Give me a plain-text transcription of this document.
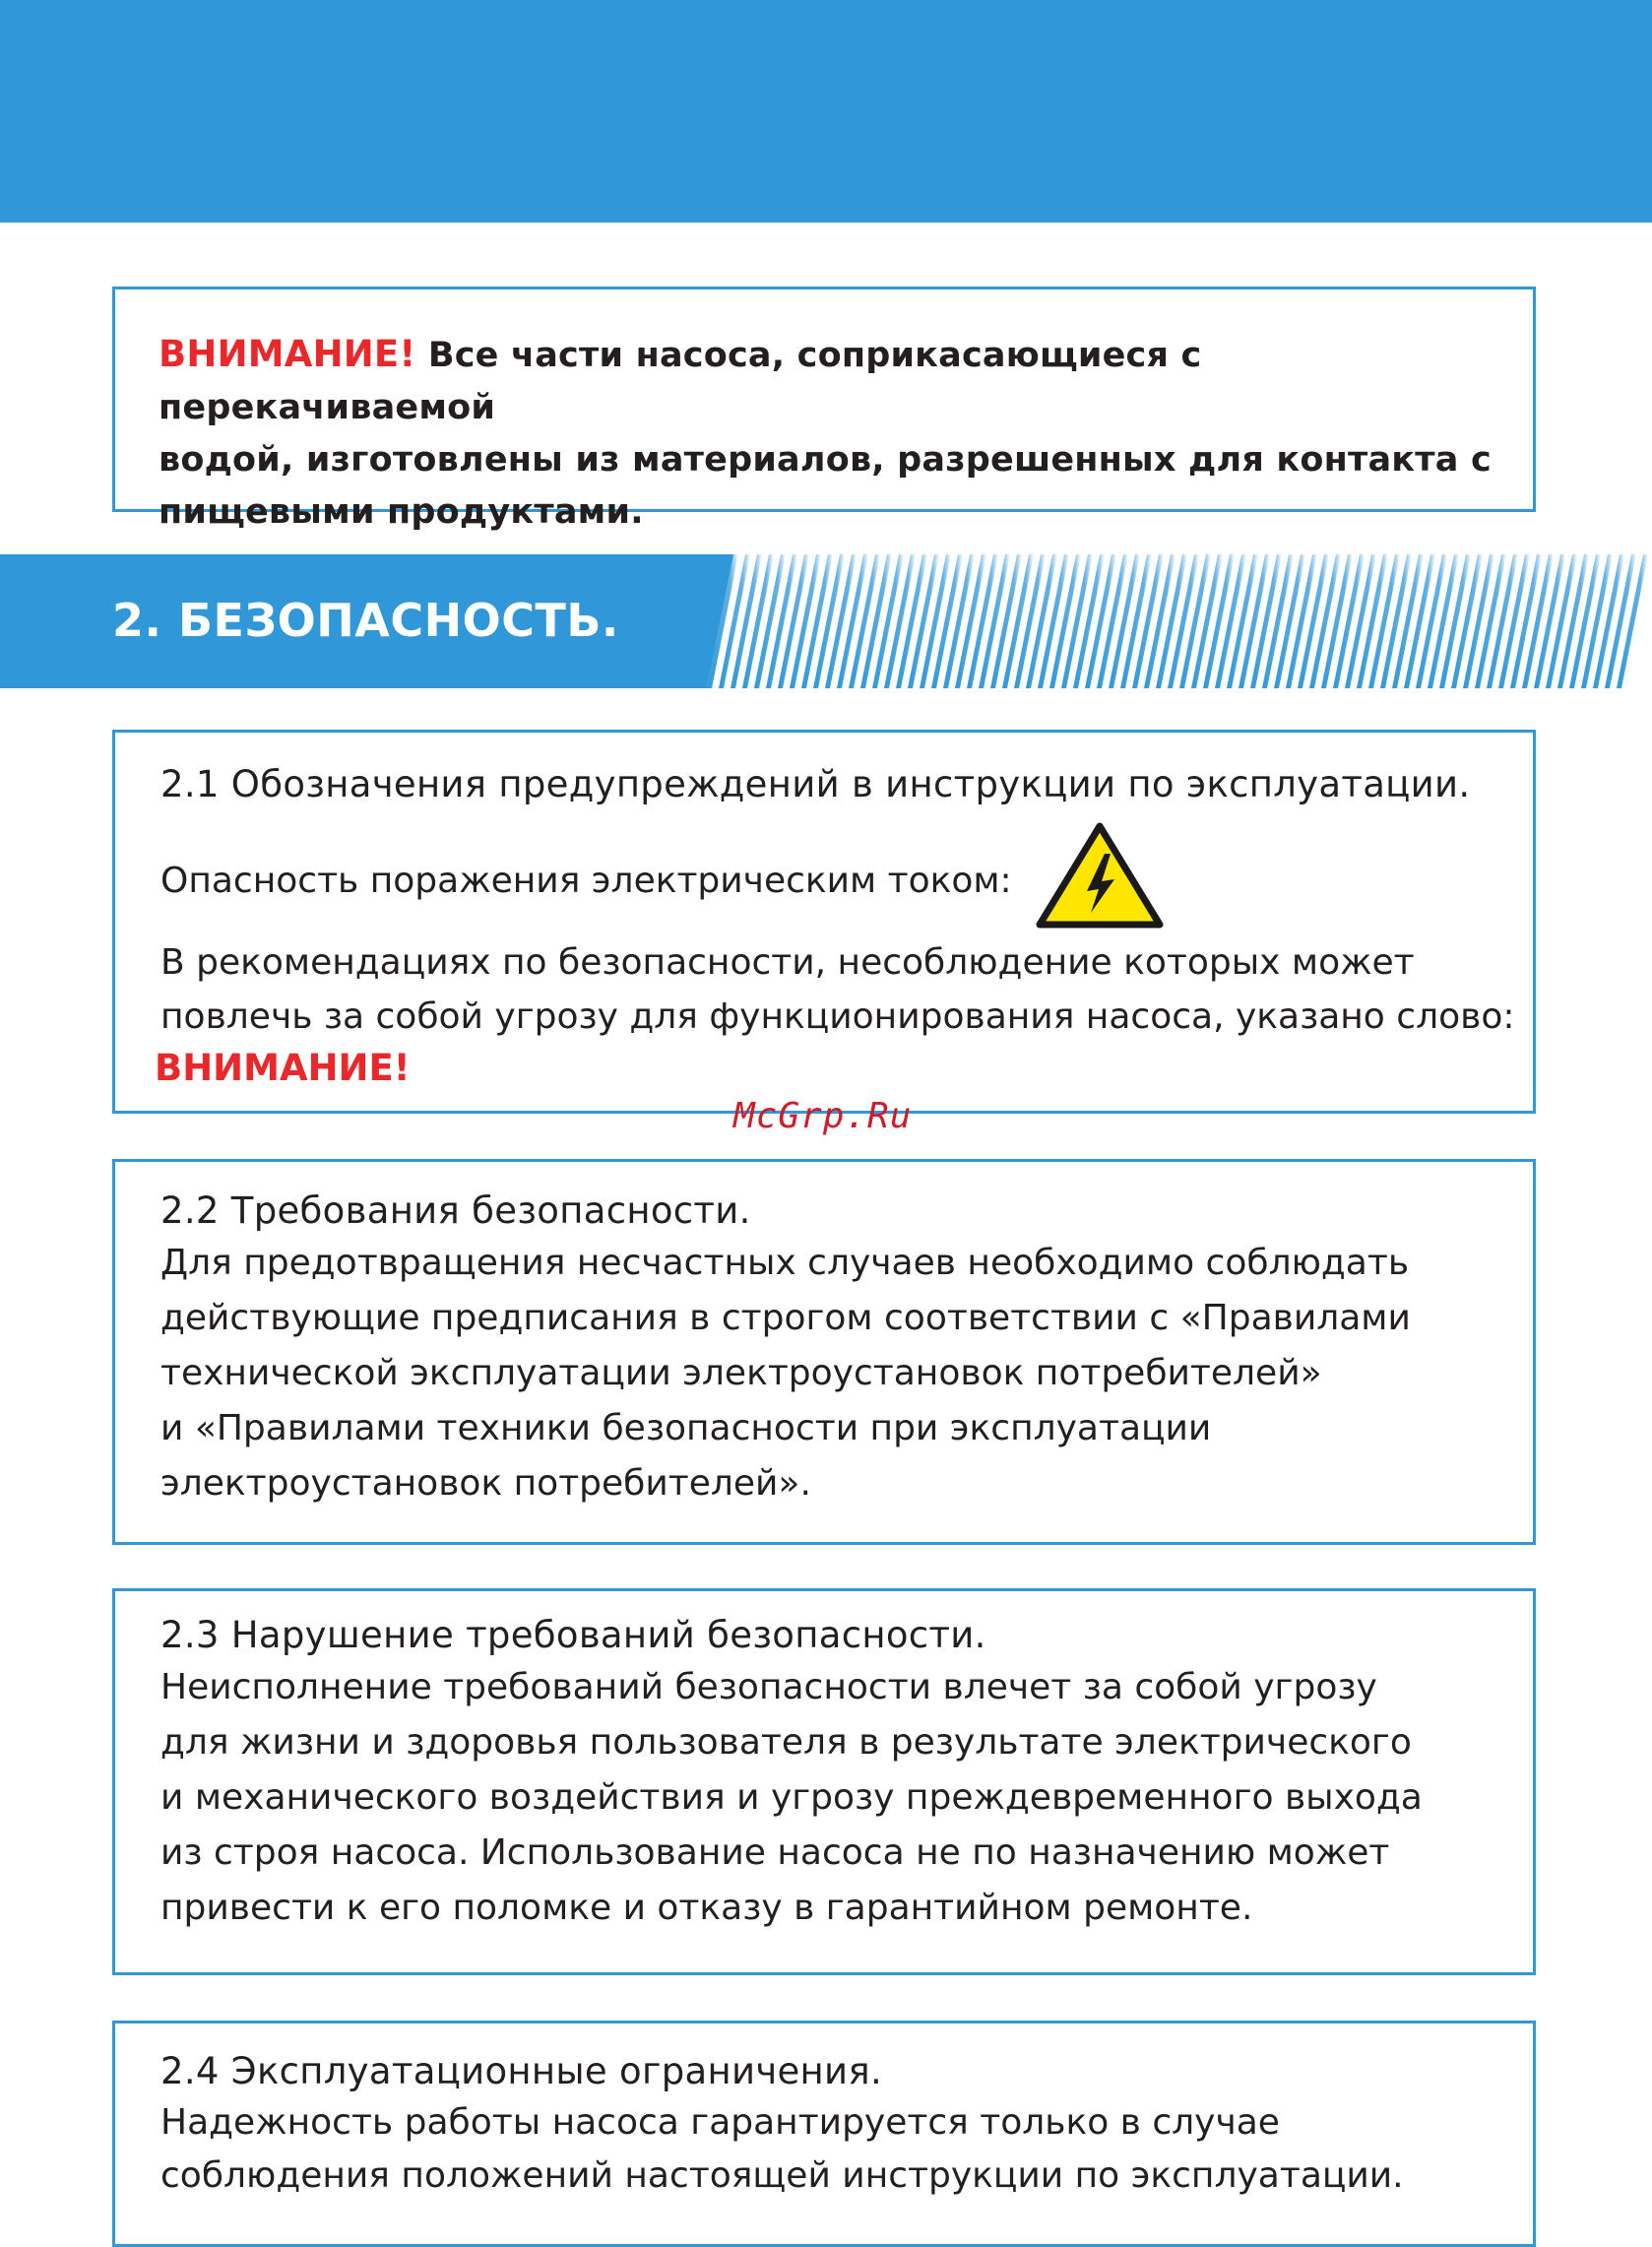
ВНИМАНИЕ! Все части насоса, соприкасающиеся с перекачиваемой
водой, изготовлены из материалов, разрешенных для контакта с
пищевыми продуктами.

2. БЕЗОПАСНОСТЬ.
2.1 Обозначения предупреждений в инструкции по эксплуатации.
Опасность поражения электрическим током:

В рекомендациях по безопасности, несоблюдение которых может
повлечь за собой угрозу для функционирования насоса, указано слово:

ВНИМАНИЕ!
McGrp.Ru
2.2 Требования безопасности.

Для предотвращения несчастных случаев необходимо соблюдать
действующие предписания в строгом соответствии с «Правилами
технической эксплуатации электроустановок потребителей»
и «Правилами техники безопасности при эксплуатации
электроустановок потребителей».

2.3 Нарушение требований безопасности.

Неисполнение требований безопасности влечет за собой угрозу
для жизни и здоровья пользователя в результате электрического
и механического воздействия и угрозу преждевременного выхода
из строя насоса. Использование насоса не по назначению может
привести к его поломке и отказу в гарантийном ремонте.

2.4 Эксплуатационные ограничения.

Надежность работы насоса гарантируется только в случае
соблюдения положений настоящей инструкции по эксплуатации.
